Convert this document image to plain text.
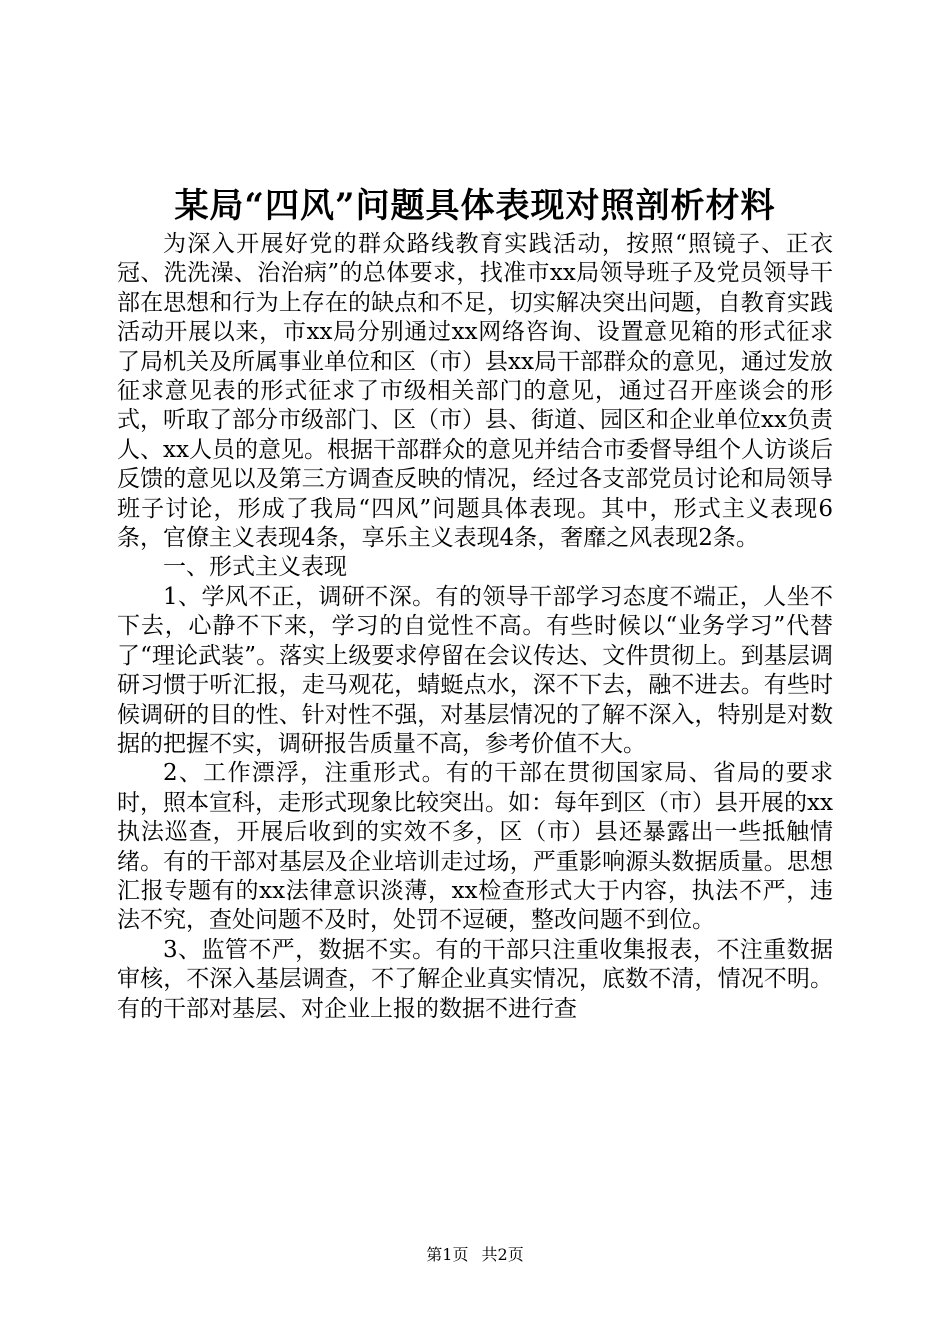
某局“四风”问题具体表现对照剖析材料

为深入开展好党的群众路线教育实践活动，按照“照镜子、正衣冠、洗洗澡、治治病”的总体要求，找准市xx局领导班子及党员领导干部在思想和行为上存在的缺点和不足，切实解决突出问题，自教育实践活动开展以来，市xx局分别通过xx网络咨询、设置意见箱的形式征求了局机关及所属事业单位和区（市）县xx局干部群众的意见，通过发放征求意见表的形式征求了市级相关部门的意见，通过召开座谈会的形式，听取了部分市级部门、区（市）县、街道、园区和企业单位xx负责人、xx人员的意见。根据干部群众的意见并结合市委督导组个人访谈后反馈的意见以及第三方调查反映的情况，经过各支部党员讨论和局领导班子讨论，形成了我局“四风”问题具体表现。其中，形式主义表现6条，官僚主义表现4条，享乐主义表现4条，奢靡之风表现2条。

一、形式主义表现

1、学风不正，调研不深。有的领导干部学习态度不端正，人坐不下去，心静不下来，学习的自觉性不高。有些时候以“业务学习”代替了“理论武装”。落实上级要求停留在会议传达、文件贯彻上。到基层调研习惯于听汇报，走马观花，蜻蜓点水，深不下去，融不进去。有些时候调研的目的性、针对性不强，对基层情况的了解不深入，特别是对数据的把握不实，调研报告质量不高，参考价值不大。

2、工作漂浮，注重形式。有的干部在贯彻国家局、省局的要求时，照本宣科，走形式现象比较突出。如：每年到区（市）县开展的xx执法巡查，开展后收到的实效不多，区（市）县还暴露出一些抵触情绪。有的干部对基层及企业培训走过场，严重影响源头数据质量。思想汇报专题有的xx法律意识淡薄，xx检查形式大于内容，执法不严，违法不究，查处问题不及时，处罚不逗硬，整改问题不到位。

3、监管不严，数据不实。有的干部只注重收集报表，不注重数据审核，不深入基层调查，不了解企业真实情况，底数不清，情况不明。有的干部对基层、对企业上报的数据不进行查

第1页 共2页
